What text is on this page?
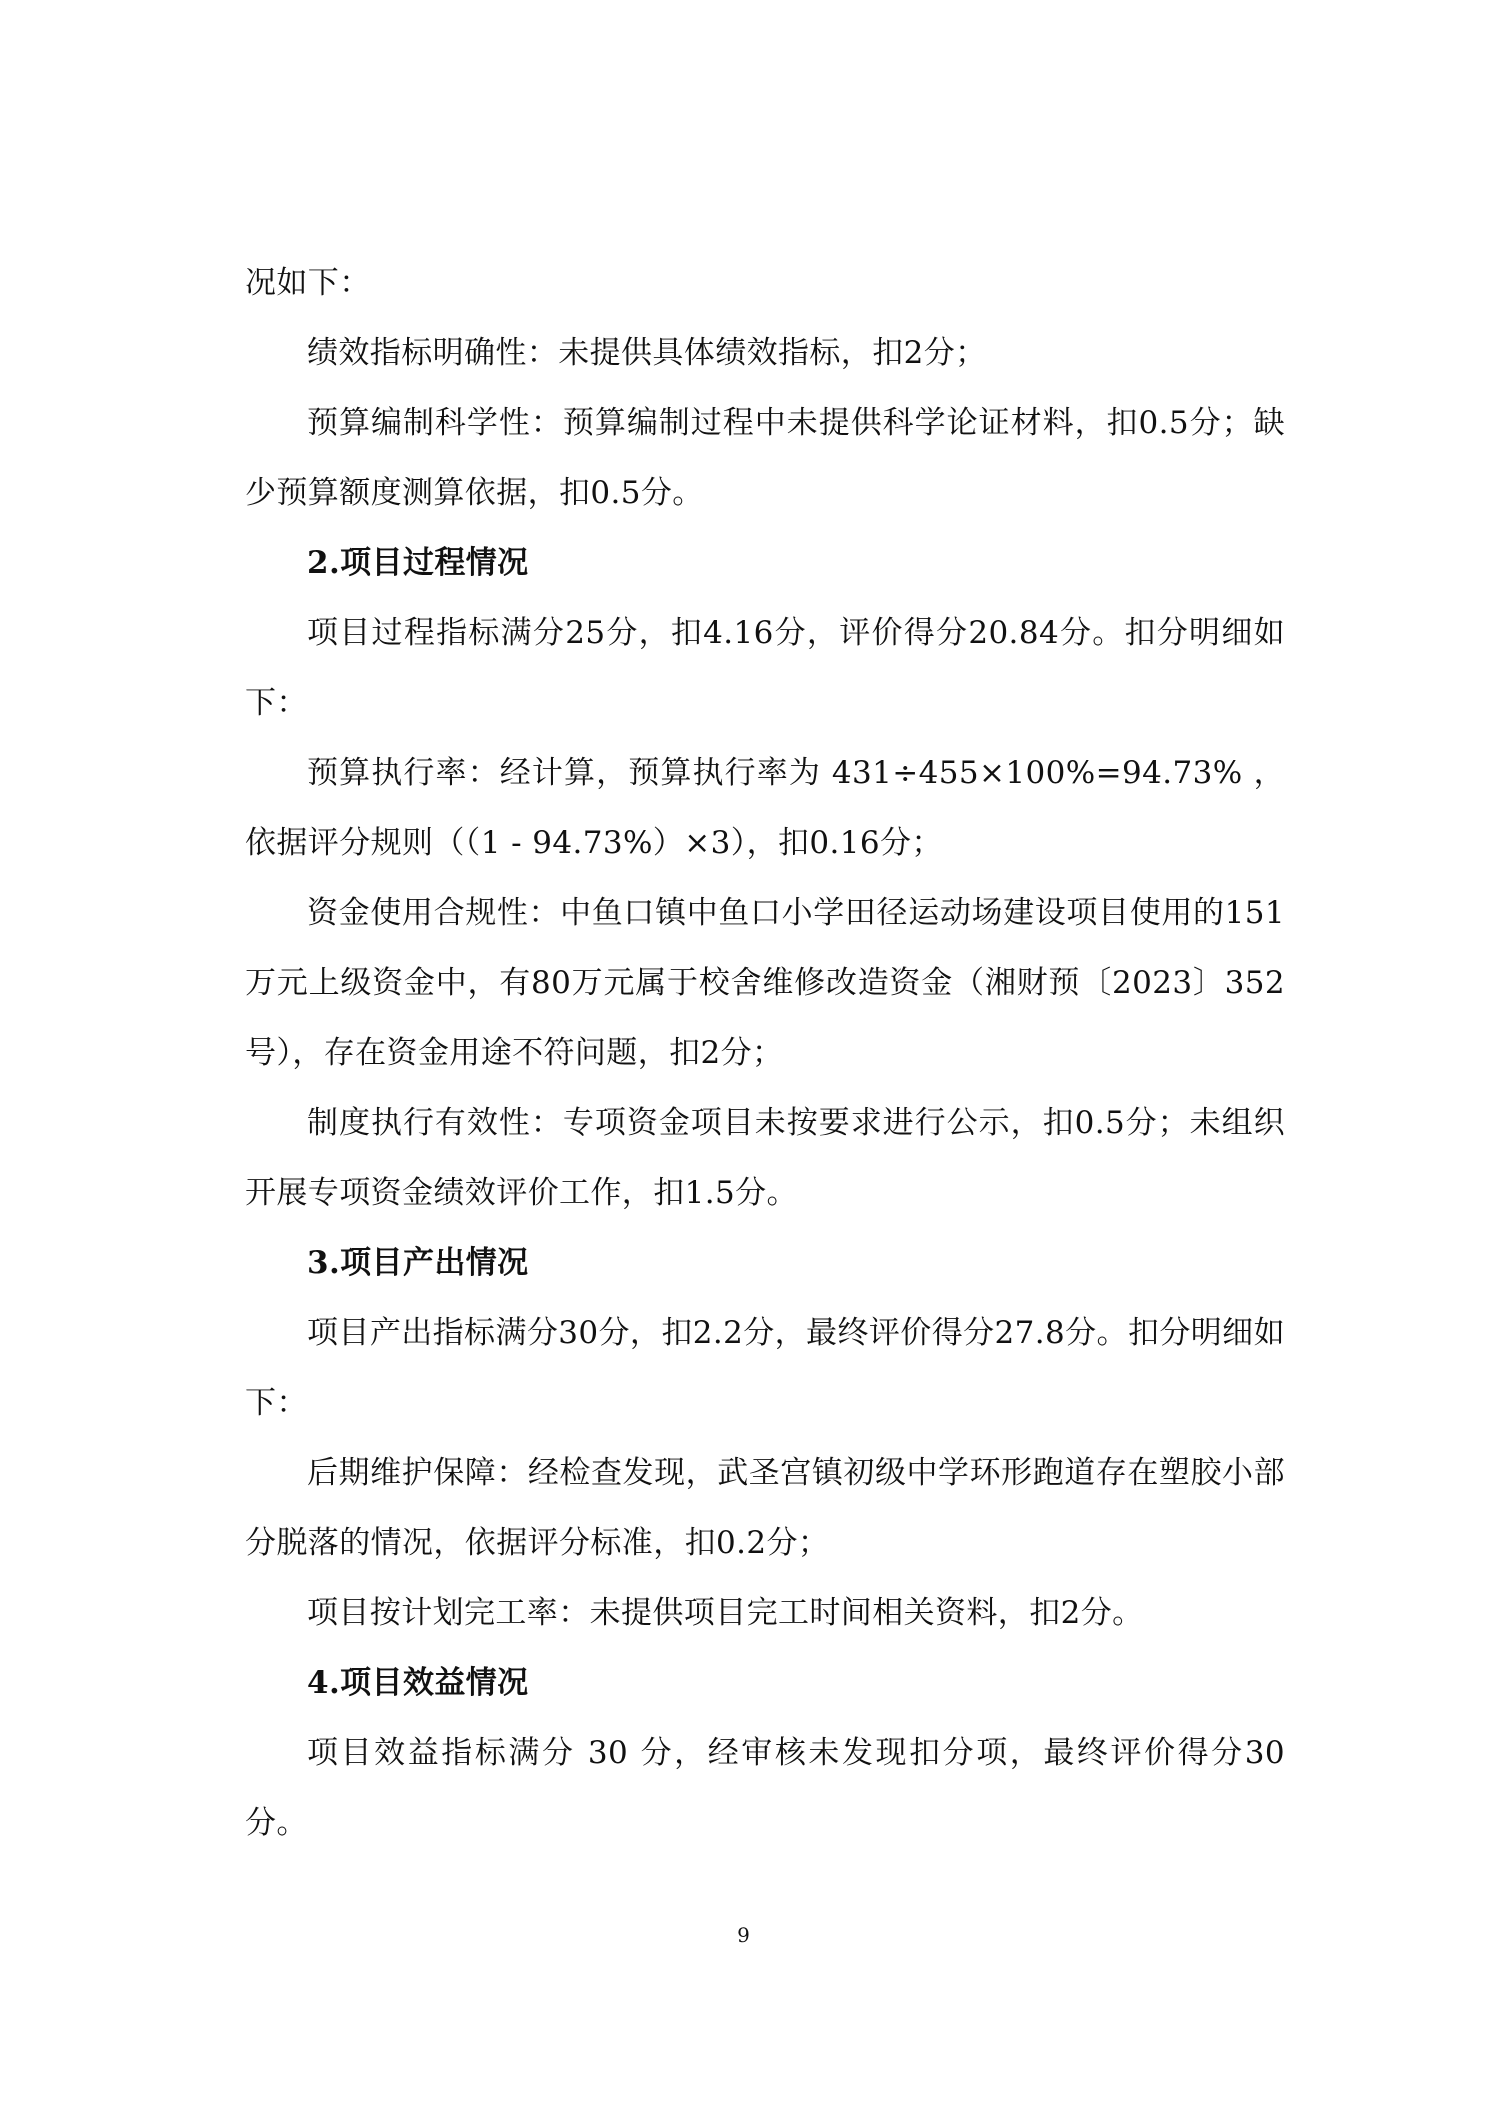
况如下：

绩效指标明确性：未提供具体绩效指标，扣2分；

预算编制科学性：预算编制过程中未提供科学论证材料，扣0.5分；缺少预算额度测算依据，扣0.5分。

2.项目过程情况

项目过程指标满分25分，扣4.16分，评价得分20.84分。扣分明细如下：

预算执行率：经计算，预算执行率为 431÷455×100%=94.73% ，依据评分规则（（1 - 94.73%）×3），扣0.16分；

资金使用合规性：中鱼口镇中鱼口小学田径运动场建设项目使用的151万元上级资金中，有80万元属于校舍维修改造资金（湘财预〔2023〕352 号），存在资金用途不符问题，扣2分；

制度执行有效性：专项资金项目未按要求进行公示，扣0.5分；未组织开展专项资金绩效评价工作，扣1.5分。

3.项目产出情况

项目产出指标满分30分，扣2.2分，最终评价得分27.8分。扣分明细如下：

后期维护保障：经检查发现，武圣宫镇初级中学环形跑道存在塑胶小部分脱落的情况，依据评分标准，扣0.2分；

项目按计划完工率：未提供项目完工时间相关资料，扣2分。

4.项目效益情况

项目效益指标满分 30 分，经审核未发现扣分项，最终评价得分30分。

9
